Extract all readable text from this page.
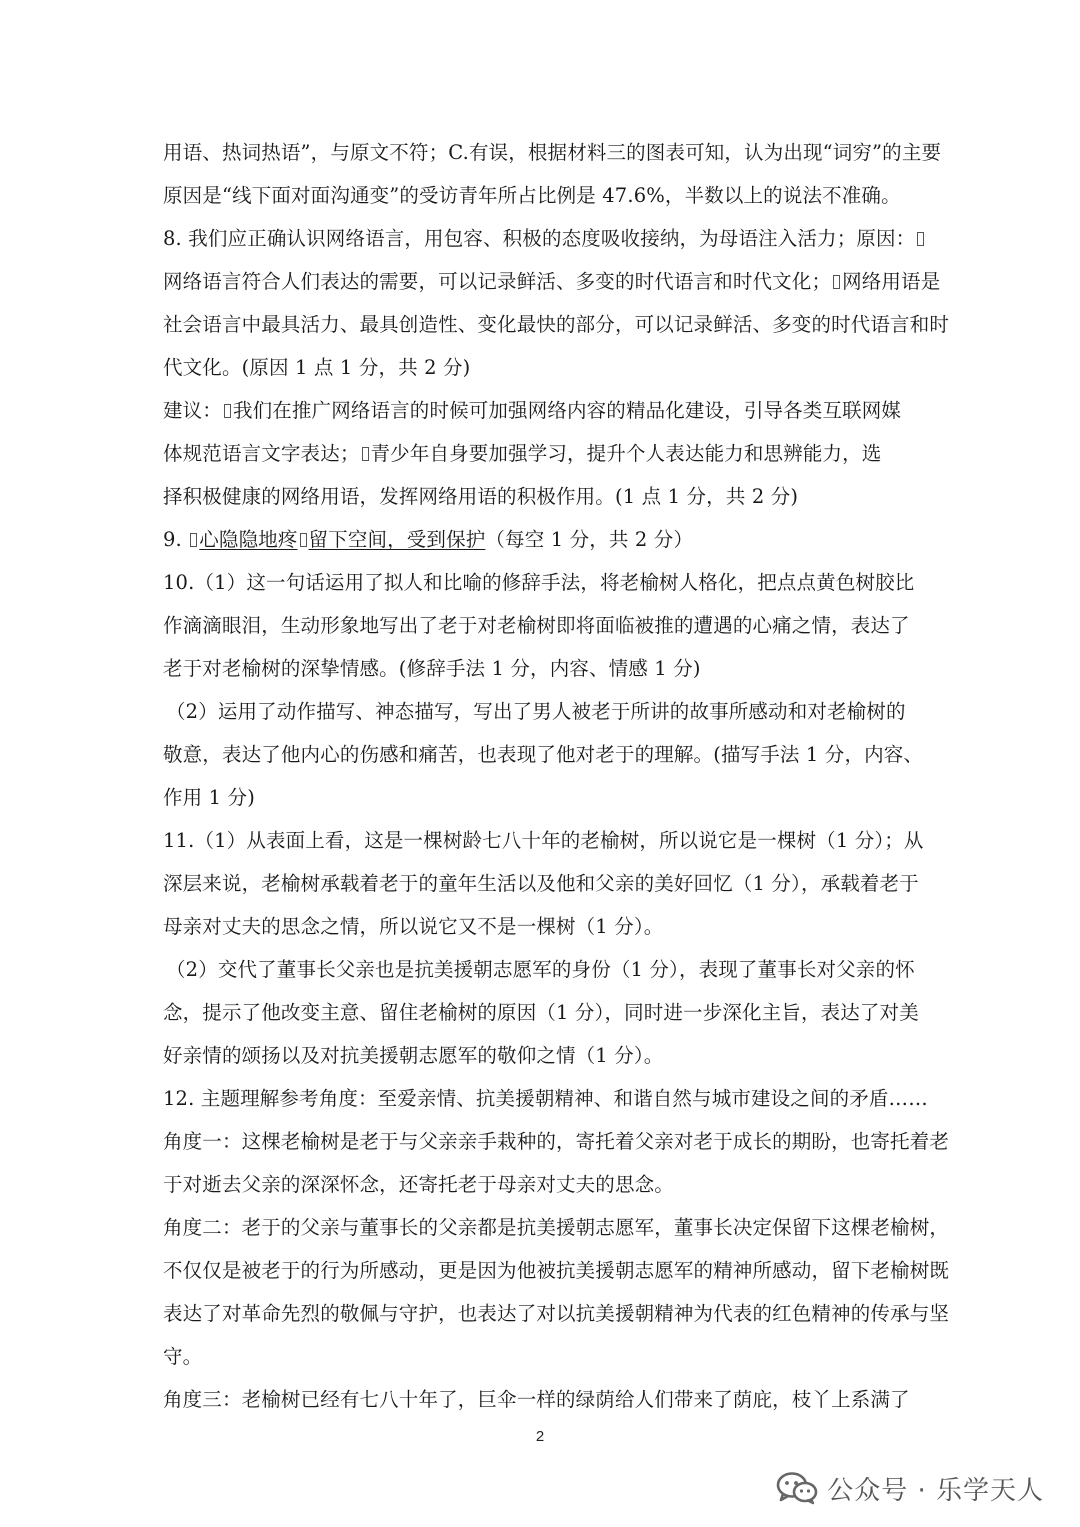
用语、热词热语”，与原文不符；C.有误，根据材料三的图表可知，认为出现“词穷”的主要
原因是“线下面对面沟通变”的受访青年所占比例是 47.6%，半数以上的说法不准确。
8. 我们应正确认识网络语言，用包容、积极的态度吸收接纳，为母语注入活力；原因：
网络语言符合人们表达的需要，可以记录鲜活、多变的时代语言和时代文化； 网络用语是
社会语言中最具活力、最具创造性、变化最快的部分，可以记录鲜活、多变的时代语言和时
代文化。(原因 1 点 1 分，共 2 分)
建议： 我们在推广网络语言的时候可加强网络内容的精品化建设，引导各类互联网媒
体规范语言文字表达； 青少年自身要加强学习，提升个人表达能力和思辨能力，选
择积极健康的网络用语，发挥网络用语的积极作用。(1 点 1 分，共 2 分)
9. 心隐隐地疼 留下空间，受到保护（每空 1 分，共 2 分）
10.（1）这一句话运用了拟人和比喻的修辞手法，将老榆树人格化，把点点黄色树胶比
作滴滴眼泪，生动形象地写出了老于对老榆树即将面临被推的遭遇的心痛之情，表达了
老于对老榆树的深挚情感。(修辞手法 1 分，内容、情感 1 分)
（2）运用了动作描写、神态描写，写出了男人被老于所讲的故事所感动和对老榆树的
敬意，表达了他内心的伤感和痛苦，也表现了他对老于的理解。(描写手法 1 分，内容、
作用 1 分)
11.（1）从表面上看，这是一棵树龄七八十年的老榆树，所以说它是一棵树（1 分）；从
深层来说，老榆树承载着老于的童年生活以及他和父亲的美好回忆（1 分），承载着老于
母亲对丈夫的思念之情，所以说它又不是一棵树（1 分）。
（2）交代了董事长父亲也是抗美援朝志愿军的身份（1 分），表现了董事长对父亲的怀
念，提示了他改变主意、留住老榆树的原因（1 分），同时进一步深化主旨，表达了对美
好亲情的颂扬以及对抗美援朝志愿军的敬仰之情（1 分）。
12. 主题理解参考角度：至爱亲情、抗美援朝精神、和谐自然与城市建设之间的矛盾……
角度一：这棵老榆树是老于与父亲亲手栽种的，寄托着父亲对老于成长的期盼，也寄托着老
于对逝去父亲的深深怀念，还寄托老于母亲对丈夫的思念。
角度二：老于的父亲与董事长的父亲都是抗美援朝志愿军，董事长决定保留下这棵老榆树，
不仅仅是被老于的行为所感动，更是因为他被抗美援朝志愿军的精神所感动，留下老榆树既
表达了对革命先烈的敬佩与守护，也表达了对以抗美援朝精神为代表的红色精神的传承与坚
守。
角度三：老榆树已经有七八十年了，巨伞一样的绿荫给人们带来了荫庇，枝丫上系满了
2
公众号 · 乐学天人
